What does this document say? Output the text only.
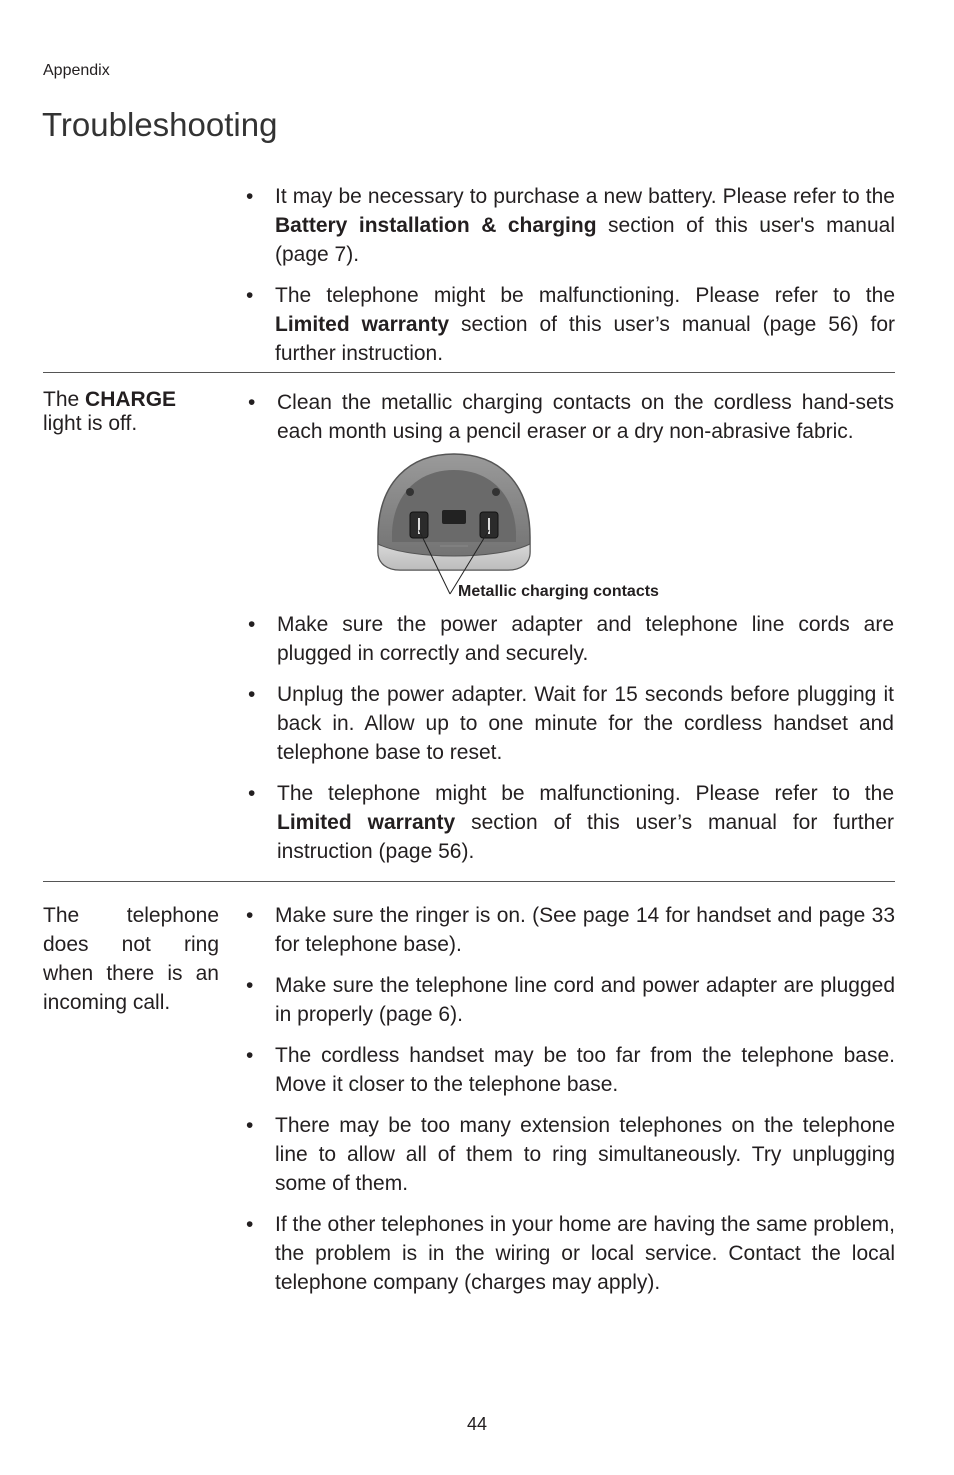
Appendix
Troubleshooting
• It may be necessary to purchase a new battery. Please refer to the Battery installation & charging section of this user's manual (page 7).
• The telephone might be malfunctioning. Please refer to the Limited warranty section of this user’s manual (page 56) for further instruction.
The CHARGE
light is off.
• Clean the metallic charging contacts on the cordless hand-sets each month using a pencil eraser or a dry non-abrasive fabric.
Metallic charging contacts
• Make sure the power adapter and telephone line cords are plugged in correctly and securely.
• Unplug the power adapter. Wait for 15 seconds before plugging it back in. Allow up to one minute for the cordless handset and telephone base to reset.
• The telephone might be malfunctioning. Please refer to the Limited warranty section of this user’s manual for further instruction (page 56).
The telephone does not ring when there is an incoming call.
• Make sure the ringer is on. (See page 14 for handset and page 33 for telephone base).
• Make sure the telephone line cord and power adapter are plugged in properly (page 6).
• The cordless handset may be too far from the telephone base. Move it closer to the telephone base.
• There may be too many extension telephones on the telephone line to allow all of them to ring simultaneously. Try unplugging some of them.
• If the other telephones in your home are having the same problem, the problem is in the wiring or local service. Contact the local telephone company (charges may apply).
44
